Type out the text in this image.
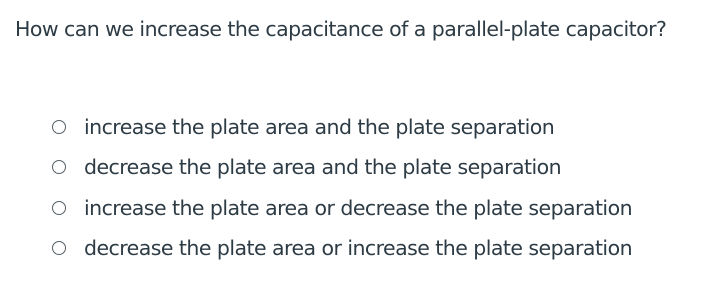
How can we increase the capacitance of a parallel-plate capacitor?
increase the plate area and the plate separation
decrease the plate area and the plate separation
increase the plate area or decrease the plate separation
decrease the plate area or increase the plate separation
